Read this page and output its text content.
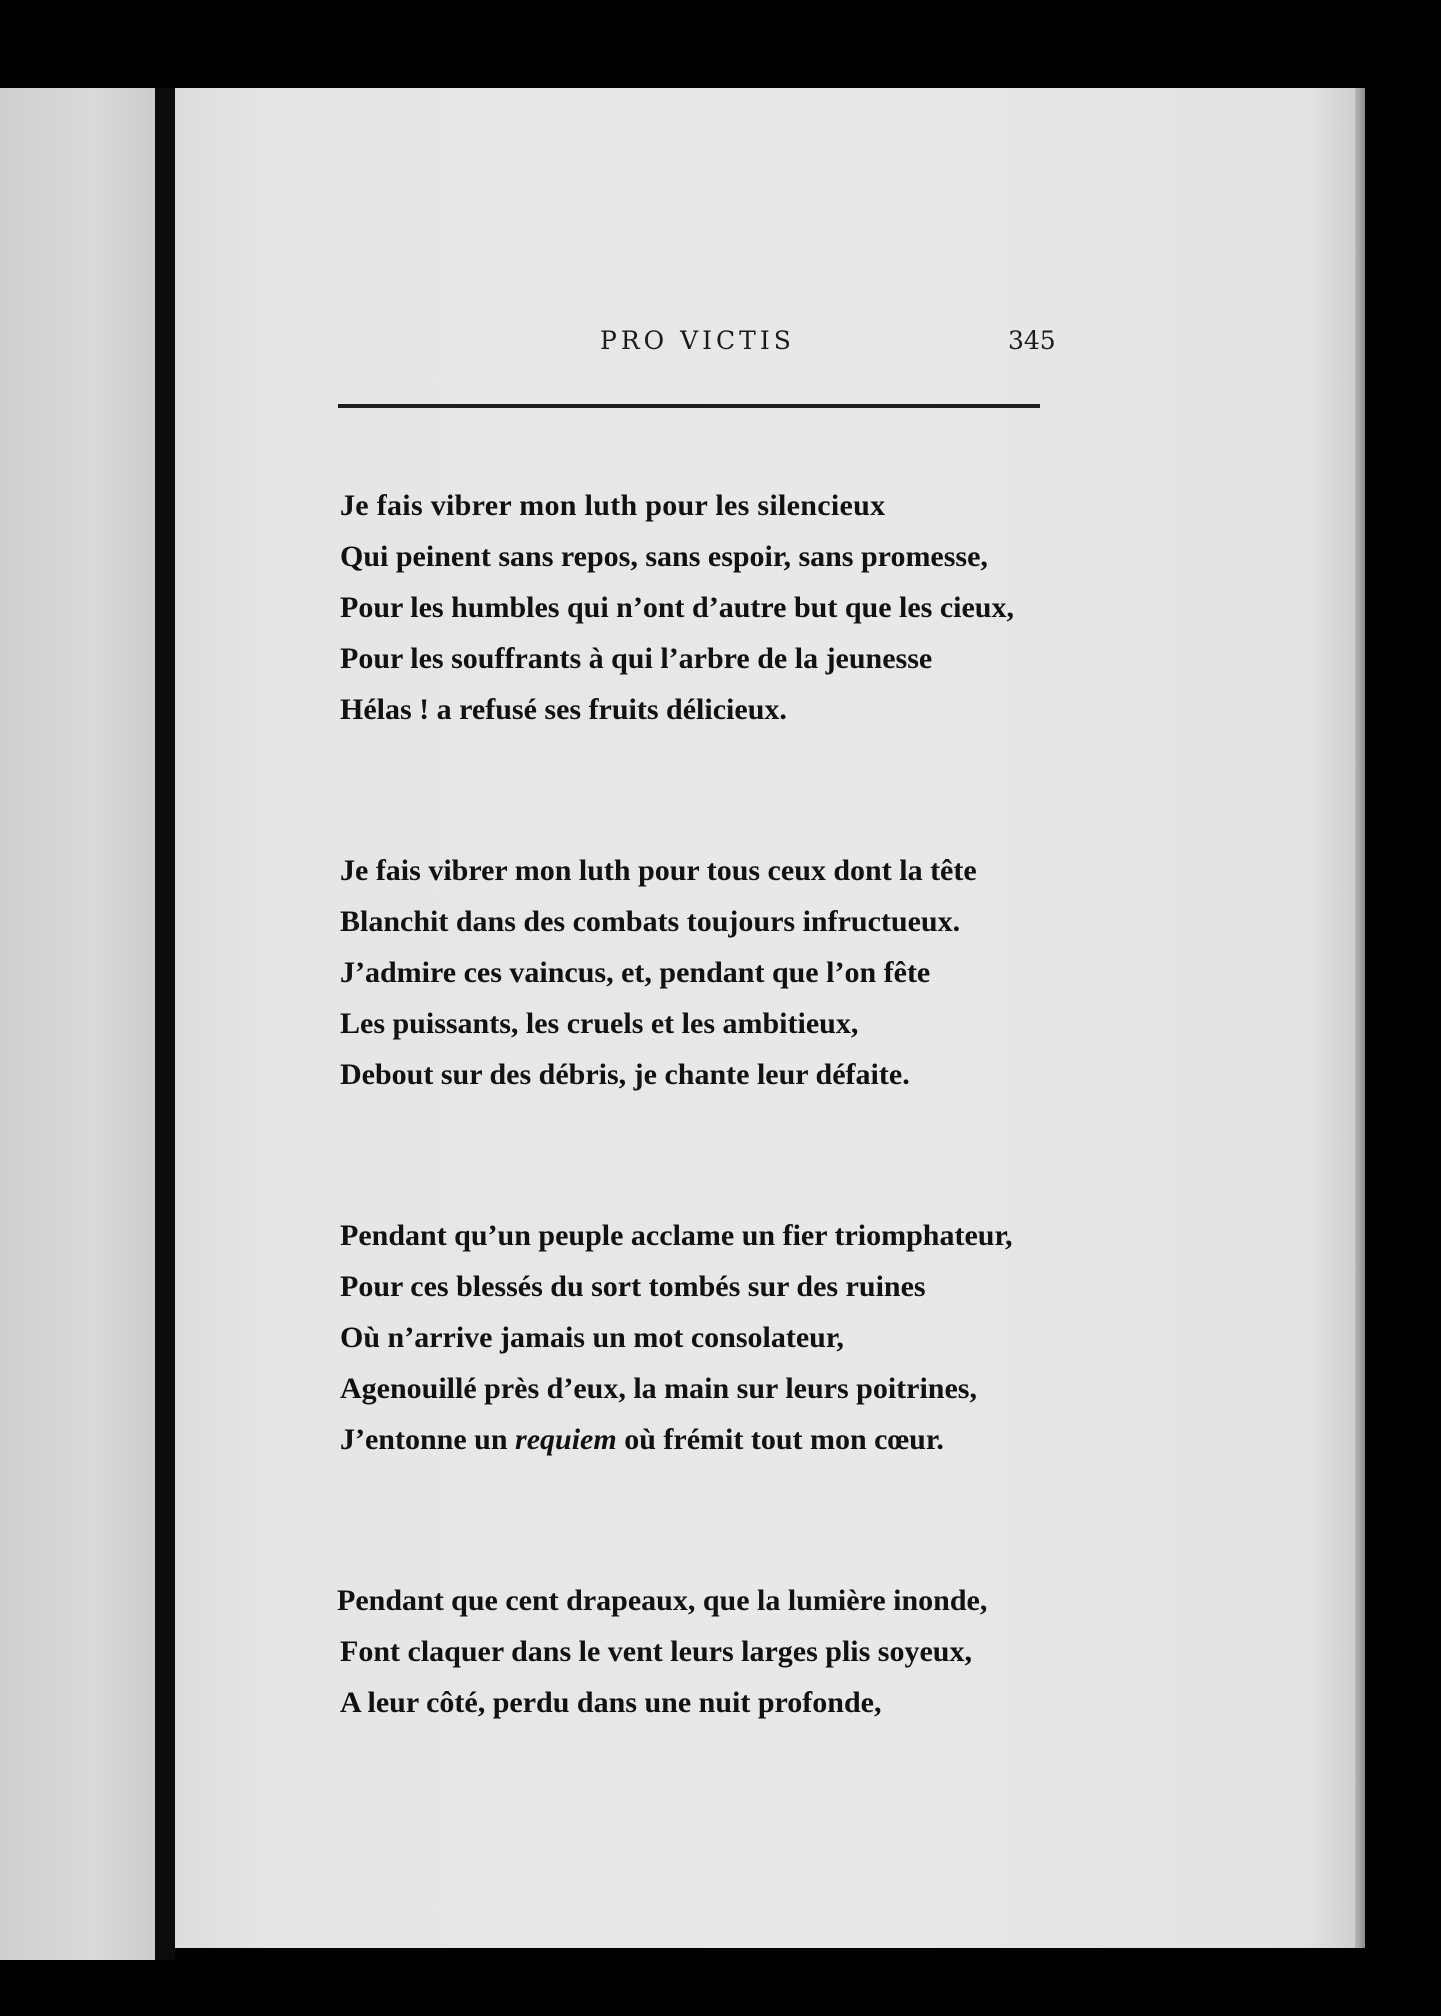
PRO VICTIS	345
Je fais vibrer mon luth pour les silencieux
Qui peinent sans repos, sans espoir, sans promesse,
Pour les humbles qui n’ont d’autre but que les cieux,
Pour les souffrants à qui l’arbre de la jeunesse
Hélas ! a refusé ses fruits délicieux.
Je fais vibrer mon luth pour tous ceux dont la tête
Blanchit dans des combats toujours infructueux.
J’admire ces vaincus, et, pendant que l’on fête
Les puissants, les cruels et les ambitieux,
Debout sur des débris, je chante leur défaite.
Pendant qu’un peuple acclame un fier triomphateur,
Pour ces blessés du sort tombés sur des ruines
Où n’arrive jamais un mot consolateur,
Agenouillé près d’eux, la main sur leurs poitrines,
J’entonne un requiem où frémit tout mon cœur.
Pendant que cent drapeaux, que la lumière inonde,
Font claquer dans le vent leurs larges plis soyeux,
A leur côté, perdu dans une nuit profonde,
